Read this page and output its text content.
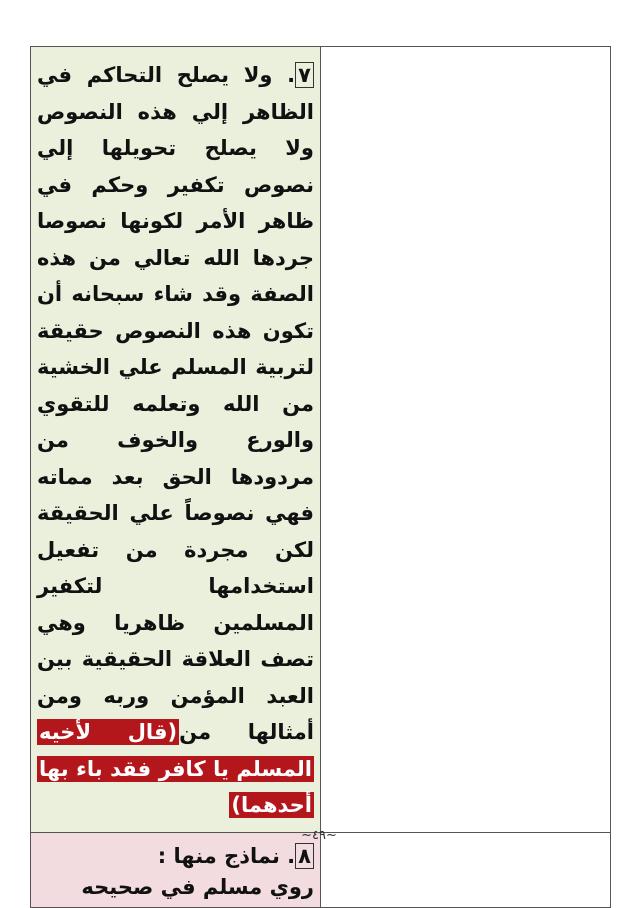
٧. ولا يصلح التحاكم في الظاهر إلي هذه النصوص ولا يصلح تحويلها إلي نصوص تكفير وحكم في ظاهر الأمر لكونها نصوصا جردها الله تعالي من هذه الصفة وقد شاء سبحانه أن تكون هذه النصوص حقيقة لتربية المسلم علي الخشية من الله وتعلمه للتقوي والورع والخوف من مردودها الحق بعد مماته فهي نصوصاً علي الحقيقة لكن مجردة من تفعيل استخدامها لتكفير المسلمين ظاهريا وهي تصف العلاقة الحقيقية بين العبد المؤمن وربه ومن أمثالها من(قال لأخيه المسلم يا كافر فقد باء بها أحدهما)	

٨. نماذج منها :
روي مسلم في صحيحه	

~٤٩~
